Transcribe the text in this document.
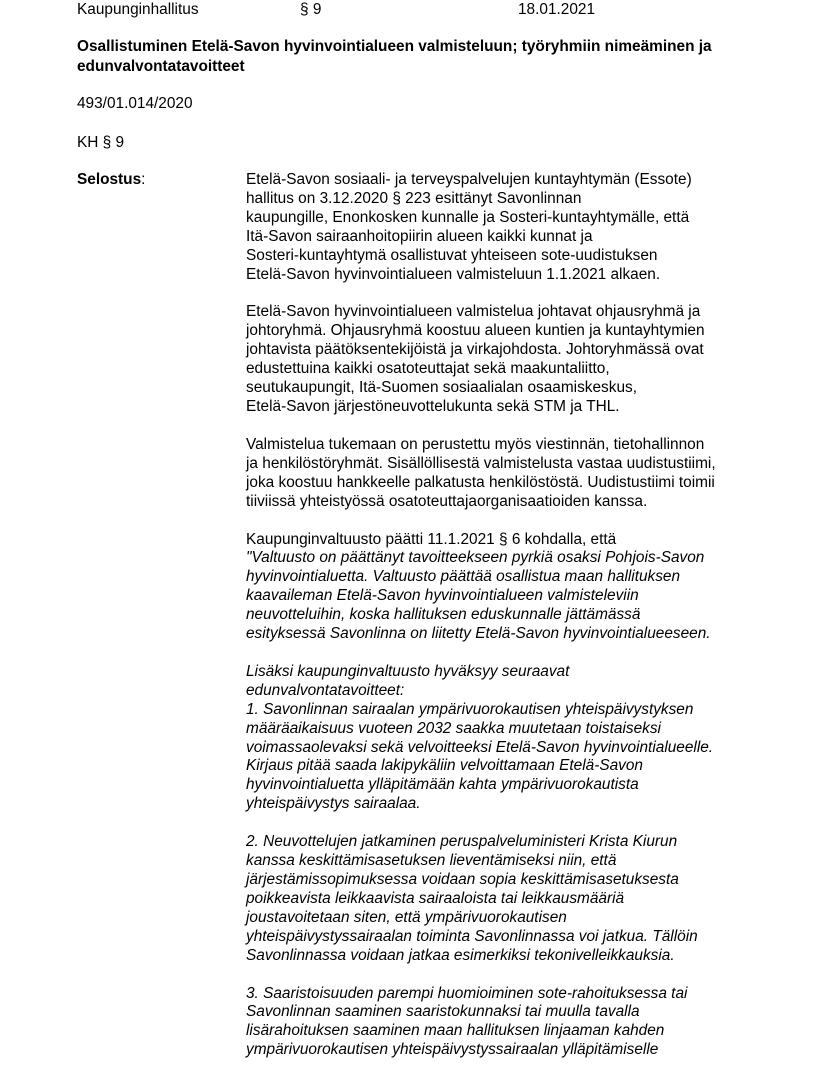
Kaupunginhallitus	§ 9	18.01.2021
Osallistuminen Etelä-Savon hyvinvointialueen valmisteluun; työryhmiin nimeäminen ja
edunvalvontatavoitteet
493/01.014/2020
KH § 9
Selostus:	Etelä-Savon sosiaali- ja terveyspalvelujen kuntayhtymän (Essote)
hallitus on 3.12.2020 § 223 esittänyt Savonlinnan
kaupungille, Enonkosken kunnalle ja Sosteri-kuntayhtymälle, että
Itä-Savon sairaanhoitopiirin alueen kaikki kunnat ja
Sosteri-kuntayhtymä osallistuvat yhteiseen sote-uudistuksen
Etelä-Savon hyvinvointialueen valmisteluun 1.1.2021 alkaen.
Etelä-Savon hyvinvointialueen valmistelua johtavat ohjausryhmä ja
johtoryhmä. Ohjausryhmä koostuu alueen kuntien ja kuntayhtymien
johtavista päätöksentekijöistä ja virkajohdosta. Johtoryhmässä ovat
edustettuina kaikki osatoteuttajat sekä maakuntaliitto,
seutukaupungit, Itä-Suomen sosiaalialan osaamiskeskus,
Etelä-Savon järjestöneuvottelukunta sekä STM ja THL.
Valmistelua tukemaan on perustettu myös viestinnän, tietohallinnon
ja henkilöstöryhmät. Sisällöllisestä valmistelusta vastaa uudistustiimi,
joka koostuu hankkeelle palkatusta henkilöstöstä. Uudistustiimi toimii
tiiviissä yhteistyössä osatoteuttajaorganisaatioiden kanssa.
Kaupunginvaltuusto päätti 11.1.2021 § 6 kohdalla, että
"Valtuusto on päättänyt tavoitteekseen pyrkiä osaksi Pohjois-Savon
hyvinvointialuetta. Valtuusto päättää osallistua maan hallituksen
kaavaileman Etelä-Savon hyvinvointialueen valmisteleviin
neuvotteluihin, koska hallituksen eduskunnalle jättämässä
esityksessä Savonlinna on liitetty Etelä-Savon hyvinvointialueeseen.
Lisäksi kaupunginvaltuusto hyväksyy seuraavat
edunvalvontatavoitteet:
1. Savonlinnan sairaalan ympärivuorokautisen yhteispäivystyksen
määräaikaisuus vuoteen 2032 saakka muutetaan toistaiseksi
voimassaolevaksi sekä velvoitteeksi Etelä-Savon hyvinvointialueelle.
Kirjaus pitää saada lakipykäliin velvoittamaan Etelä-Savon
hyvinvointialuetta ylläpitämään kahta ympärivuorokautista
yhteispäivystys sairaalaa.
2. Neuvottelujen jatkaminen peruspalveluministeri Krista Kiurun
kanssa keskittämisasetuksen lieventämiseksi niin, että
järjestämissopimuksessa voidaan sopia keskittämisasetuksesta
poikkeavista leikkaavista sairaaloista tai leikkausmääriä
joustavoitetaan siten, että ympärivuorokautisen
yhteispäivystyssairaalan toiminta Savonlinnassa voi jatkua. Tällöin
Savonlinnassa voidaan jatkaa esimerkiksi tekonivelleikkauksia.
3. Saaristoisuuden parempi huomioiminen sote-rahoituksessa tai
Savonlinnan saaminen saaristokunnaksi tai muulla tavalla
lisärahoituksen saaminen maan hallituksen linjaaman kahden
ympärivuorokautisen yhteispäivystyssairaalan ylläpitämiselle
